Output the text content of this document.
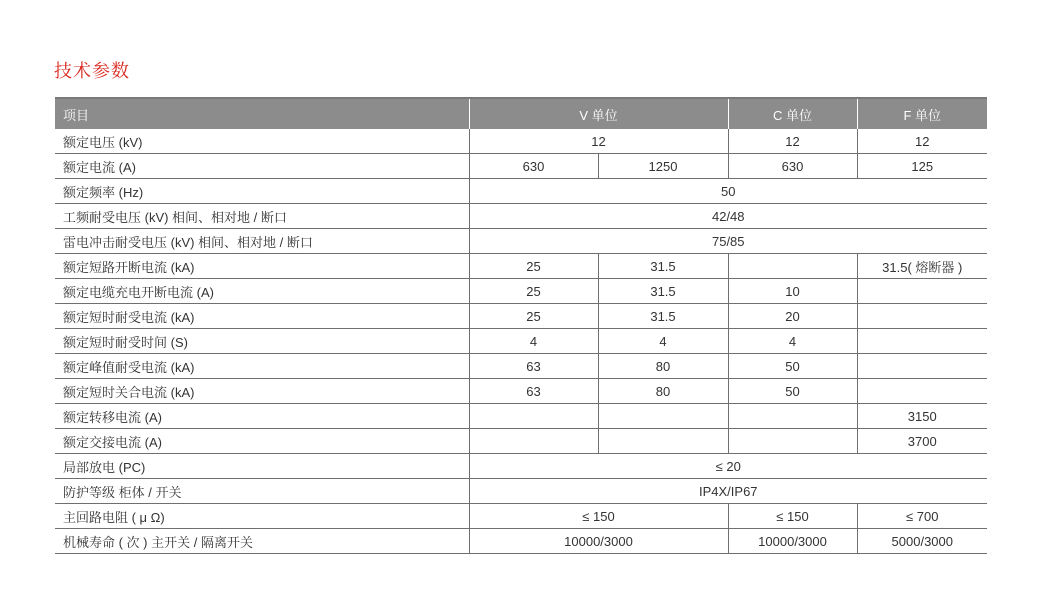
技术参数
项目	V 单位		C 单位	F 单位
额定电压 (kV)	12		12	12
额定电流 (A)	630	1250	630	125
额定频率 (Hz)	50			
工频耐受电压 (kV) 相间、相对地 / 断口	42/48			
雷电冲击耐受电压 (kV) 相间、相对地 / 断口	75/85			
额定短路开断电流 (kA)	25	31.5		31.5( 熔断器 )
额定电缆充电开断电流 (A)	25	31.5	10	
额定短时耐受电流 (kA)	25	31.5	20	
额定短时耐受时间 (S)	4	4	4	
额定峰值耐受电流 (kA)	63	80	50	
额定短时关合电流 (kA)	63	80	50	
额定转移电流 (A)				3150
额定交接电流 (A)				3700
局部放电 (PC)	≤ 20			
防护等级 柜体 / 开关	IP4X/IP67			
主回路电阻 ( μ Ω)	≤ 150		≤ 150	≤ 700
机械寿命 ( 次 ) 主开关 / 隔离开关	10000/3000		10000/3000	5000/3000
